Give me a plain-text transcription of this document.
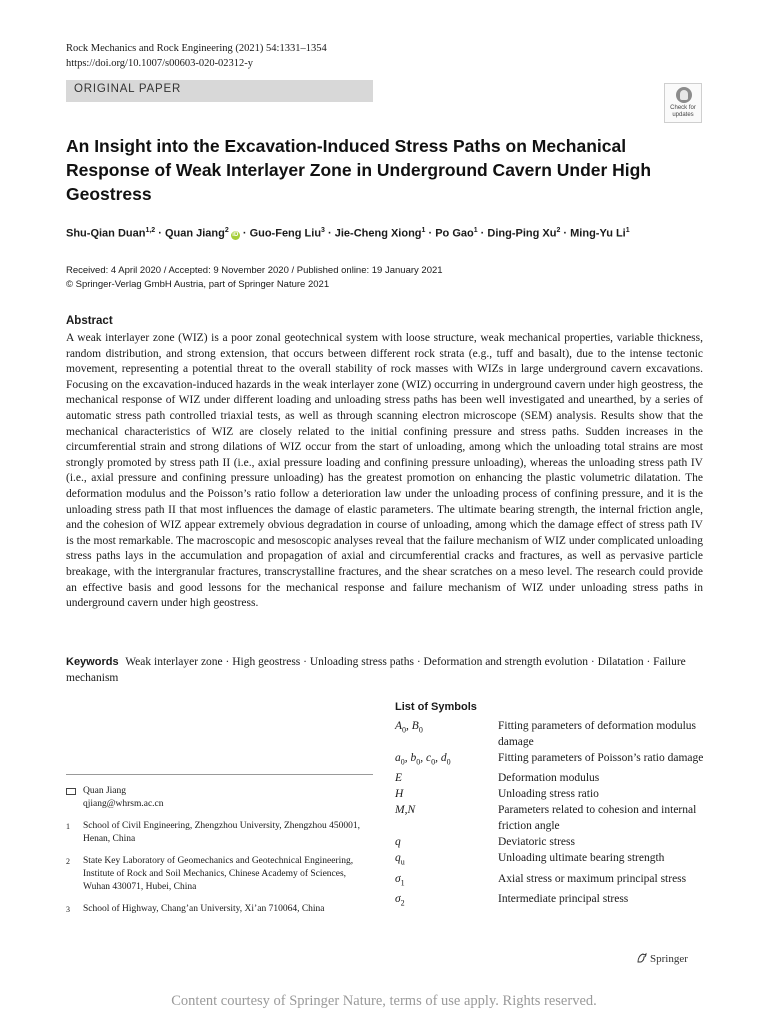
Rock Mechanics and Rock Engineering (2021) 54:1331–1354
https://doi.org/10.1007/s00603-020-02312-y
ORIGINAL PAPER
Check for
updates
An Insight into the Excavation-Induced Stress Paths on Mechanical Response of Weak Interlayer Zone in Underground Cavern Under High Geostress
Shu-Qian Duan$^{1,2}$ · Quan Jiang$^2$iD · Guo-Feng Liu$^3$ · Jie-Cheng Xiong$^1$ · Po Gao$^1$ · Ding-Ping $Xu^2$ · Ming-Yu Li$^1$
Received: 4 April 2020 / Accepted: 9 November 2020 / Published online: 19 January 2021
© Springer-Verlag GmbH Austria, part of Springer Nature 2021
Abstract
A weak interlayer zone (WIZ) is a poor zonal geotechnical system with loose structure, weak mechanical properties, variable thickness, random distribution, and strong extension, that occurs between different rock strata (e.g., tuff and basalt), due to the intense tectonic movement, representing a potential threat to the overall stability of rock masses with WIZs in large underground cavern excavations. Focusing on the excavation-induced hazards in the weak interlayer zone (WIZ) occurring in underground cavern under high geostress, the mechanical response of WIZ under different loading and unloading stress paths has been well investigated and unearthed, by a series of automatic stress path controlled triaxial tests, as well as through scanning electron microscope (SEM) analysis. Results show that the mechanical characteristics of WIZ are closely related to the initial confining pressure and stress paths. Sudden increases in the circumferential strain and strong dilations of WIZ occur from the start of unloading, among which the unloading total strains are most strongly promoted by stress path II (i.e., axial pressure loading and confining pressure unloading), whereas the unloading stress path IV (i.e., axial pressure and confining pressure unloading) has the greatest promotion on enhancing the plastic volumetric dilatation. The deformation modulus and the Poisson’s ratio follow a deterioration law under the unloading process of confining pressure, and it is the unloading stress path II that most influences the damage of elastic parameters. The ultimate bearing strength, the internal friction angle, and the cohesion of WIZ appear extremely obvious degradation in course of unloading, among which the damage effect of stress path IV is the most remarkable. The macroscopic and mesoscopic analyses reveal that the failure mechanism of WIZ under complicated unloading stress paths lays in the accumulation and propagation of axial and circumferential cracks and fractures, as well as pervasive particle breakage, with the intergranular fractures, transcrystalline fractures, and the shear scratches on a meso level. The research could provide an effective basis and good lessons for the mechanical response and failure mechanism of WIZ under unloading stress paths in underground cavern under high geostress.
Keywords Weak interlayer zone · High geostress · Unloading stress paths · Deformation and strength evolution · Dilatation · Failure mechanism
List of Symbols
$A_0$, $B_0$	Fitting parameters of deformation modulus damage
$a_0$, $b_0$, $c_0$, $d_0$	Fitting parameters of Poisson’s ratio damage
E	Deformation modulus
H	Unloading stress ratio
M,N	Parameters related to cohesion and internal friction angle
q	Deviatoric stress
$q_u$	Unloading ultimate bearing strength
$\sigma_1$	Axial stress or maximum principal stress
$\sigma_2$	Intermediate principal stress
Quan Jiang
qjiang@whrsm.ac.cn
1	School of Civil Engineering, Zhengzhou University, Zhengzhou 450001, Henan, China
2	State Key Laboratory of Geomechanics and Geotechnical Engineering, Institute of Rock and Soil Mechanics, Chinese Academy of Sciences, Wuhan 430071, Hubei, China
3	School of Highway, Chang’an University, Xi’an 710064, China
Springer
Content courtesy of Springer Nature, terms of use apply. Rights reserved.
